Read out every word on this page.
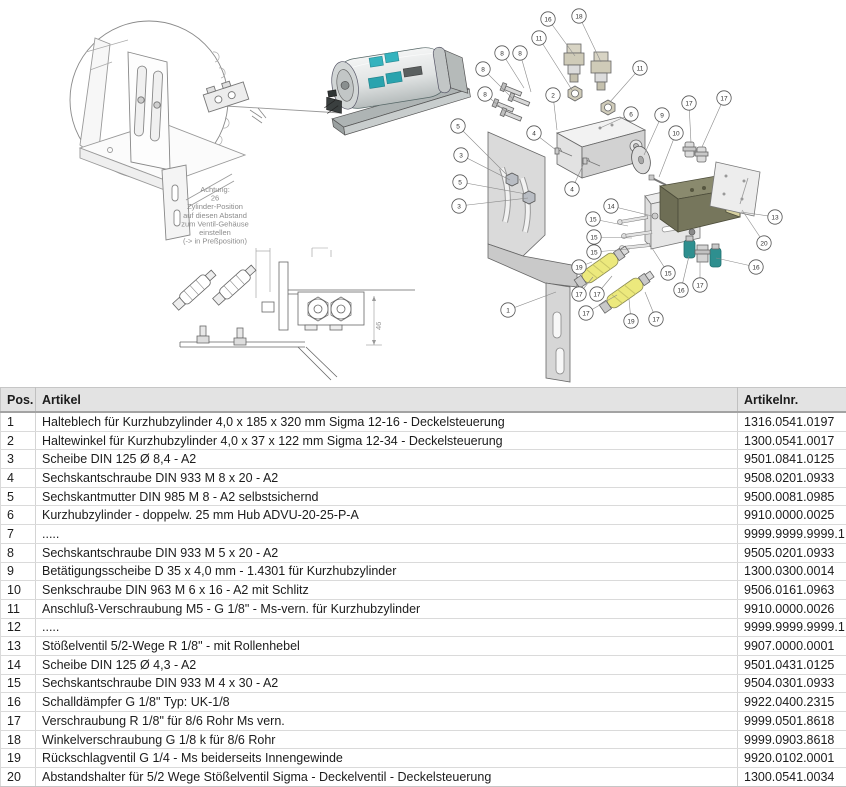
Achtung:
26
Zylinder-Position
auf diesen Abstand
zum Ventil-Gehäuse
einstellen
(-> in Preßposition)
46
16	18
11
8 8
8
8	2
11
6	9
17
17
10
5
3
5
3
4
4
13
14
15
15
15
19
15
20
16
17
16
17 17
17
19	17
1
Pos.	Artikel	Artikelnr.
1	Halteblech für Kurzhubzylinder 4,0 x 185 x 320 mm Sigma 12-16 - Deckelsteuerung	1316.0541.0197
2	Haltewinkel für Kurzhubzylinder 4,0 x 37 x 122 mm Sigma 12-34 - Deckelsteuerung	1300.0541.0017
3	Scheibe DIN 125 Ø 8,4 - A2	9501.0841.0125
4	Sechskantschraube DIN 933 M 8 x 20 - A2	9508.0201.0933
5	Sechskantmutter DIN 985 M 8 - A2 selbstsichernd	9500.0081.0985
6	Kurzhubzylinder - doppelw. 25 mm Hub ADVU-20-25-P-A	9910.0000.0025
7	.....	9999.9999.9999.1
8	Sechskantschraube DIN 933 M 5 x 20 - A2	9505.0201.0933
9	Betätigungsscheibe D 35 x 4,0 mm - 1.4301 für Kurzhubzylinder	1300.0300.0014
10	Senkschraube DIN 963 M 6 x 16 - A2 mit Schlitz	9506.0161.0963
11	Anschluß-Verschraubung M5 - G 1/8" - Ms-vern. für Kurzhubzylinder	9910.0000.0026
12	.....	9999.9999.9999.1
13	Stößelventil 5/2-Wege R 1/8" - mit Rollenhebel	9907.0000.0001
14	Scheibe DIN 125 Ø 4,3 - A2	9501.0431.0125
15	Sechskantschraube DIN 933 M 4 x 30 - A2	9504.0301.0933
16	Schalldämpfer G 1/8" Typ: UK-1/8	9922.0400.2315
17	Verschraubung R 1/8" für 8/6 Rohr Ms vern.	9999.0501.8618
18	Winkelverschraubung G 1/8 k für 8/6 Rohr	9999.0903.8618
19	Rückschlagventil G 1/4 - Ms beiderseits Innengewinde	9920.0102.0001
20	Abstandshalter für 5/2 Wege Stößelventil Sigma - Deckelventil - Deckelsteuerung	1300.0541.0034
